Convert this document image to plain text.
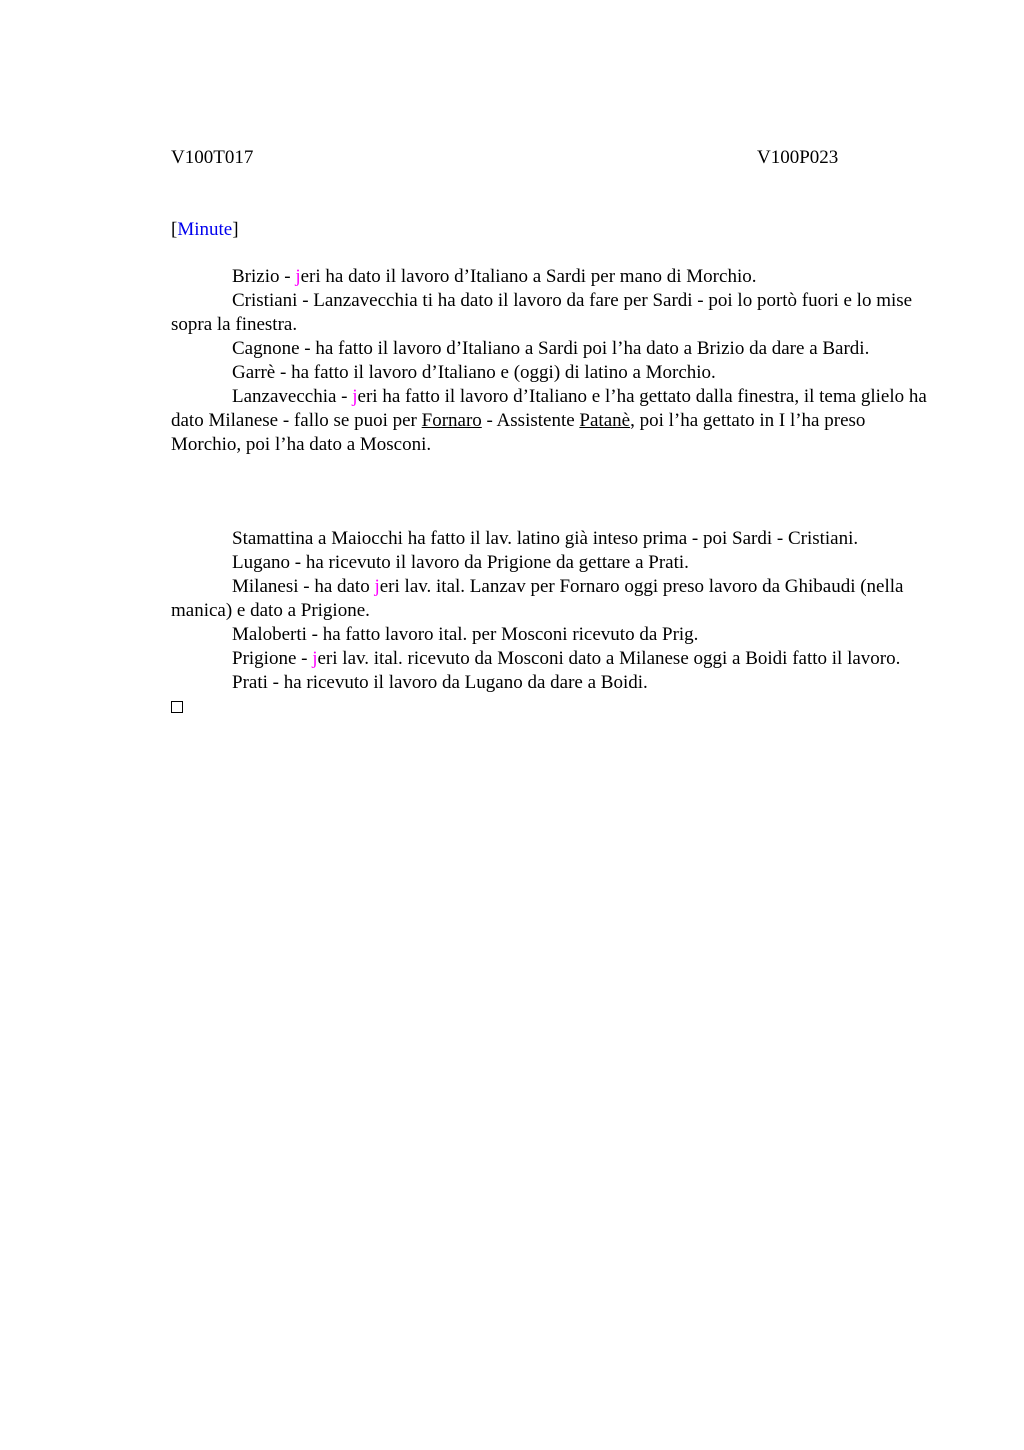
V100T017	V100P023
[Minute]

Brizio - jeri ha dato il lavoro d’Italiano a Sardi per mano di Morchio.

Cristiani - Lanzavecchia ti ha dato il lavoro da fare per Sardi - poi lo portò fuori e lo mise sopra la finestra.

Cagnone - ha fatto il lavoro d’Italiano a Sardi poi l’ha dato a Brizio da dare a Bardi.

Garrè - ha fatto il lavoro d’Italiano e (oggi) di latino a Morchio.

Lanzavecchia - jeri ha fatto il lavoro d’Italiano e l’ha gettato dalla finestra, il tema glielo ha dato Milanese - fallo se puoi per Fornaro - Assistente Patanè, poi l’ha gettato in I l’ha preso Morchio, poi l’ha dato a Mosconi.

Stamattina a Maiocchi ha fatto il lav. latino già inteso prima - poi Sardi - Cristiani.

Lugano - ha ricevuto il lavoro da Prigione da gettare a Prati.

Milanesi - ha dato jeri lav. ital. Lanzav per Fornaro oggi preso lavoro da Ghibaudi (nella manica) e dato a Prigione.

Maloberti - ha fatto lavoro ital. per Mosconi ricevuto da Prig.

Prigione - jeri lav. ital. ricevuto da Mosconi dato a Milanese oggi a Boidi fatto il lavoro.

Prati - ha ricevuto il lavoro da Lugano da dare a Boidi.
